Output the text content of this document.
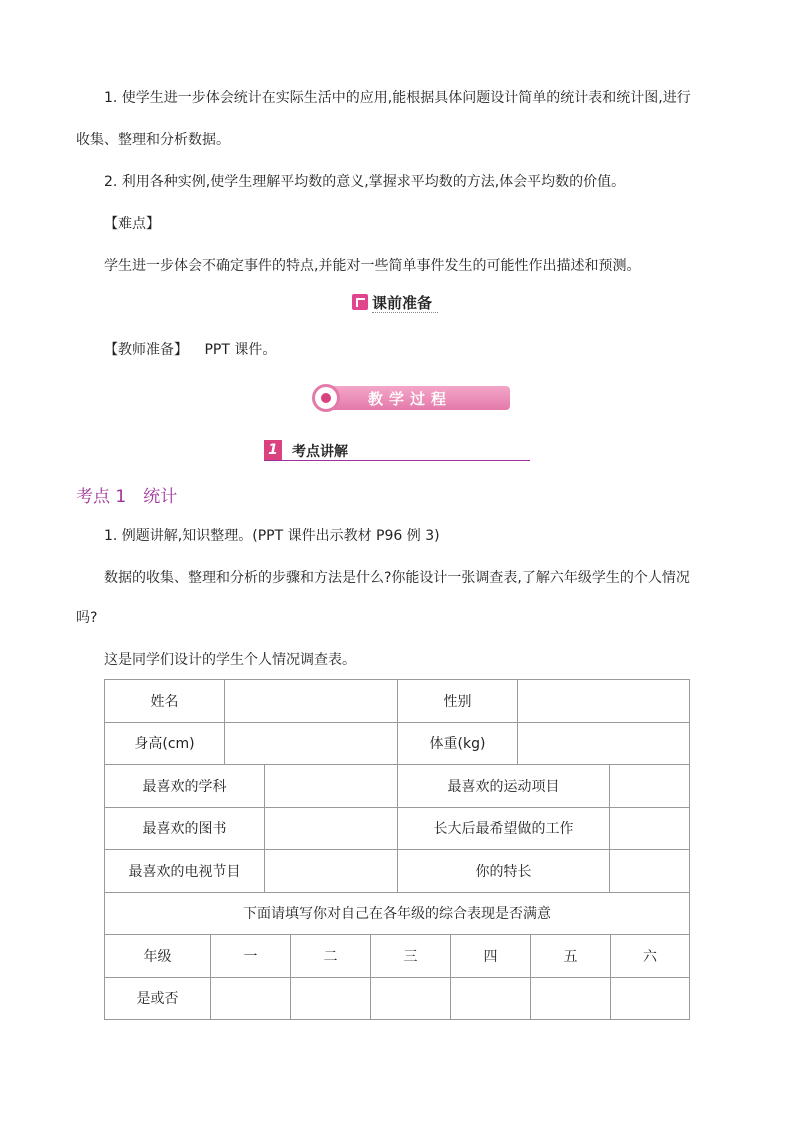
1. 使学生进一步体会统计在实际生活中的应用,能根据具体问题设计简单的统计表和统计图,进行
收集、整理和分析数据。
2. 利用各种实例,使学生理解平均数的意义,掌握求平均数的方法,体会平均数的价值。
【难点】
学生进一步体会不确定事件的特点,并能对一些简单事件发生的可能性作出描述和预测。
课前准备
【教师准备】 PPT 课件。
教学过程
1 考点讲解
考点 1　统计
1. 例题讲解,知识整理。(PPT 课件出示教材 P96 例 3)
数据的收集、整理和分析的步骤和方法是什么?你能设计一张调查表,了解六年级学生的个人情况
吗?
这是同学们设计的学生个人情况调查表。
姓名	性别
身高(cm)	体重(kg)
最喜欢的学科	最喜欢的运动项目
最喜欢的图书	长大后最希望做的工作
最喜欢的电视节目	你的特长
下面请填写你对自己在各年级的综合表现是否满意
年级	一	二	三	四	五	六
是或否
